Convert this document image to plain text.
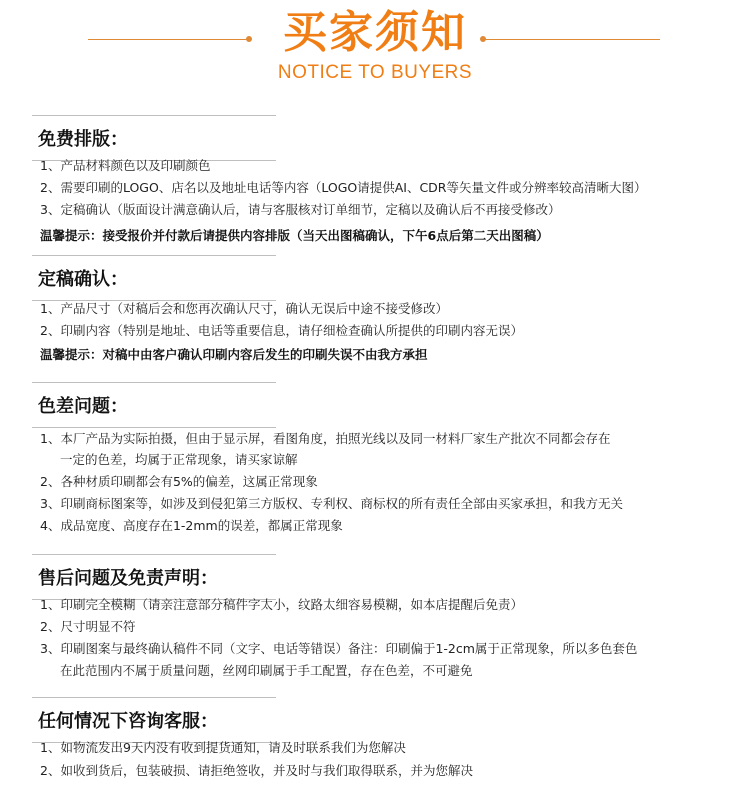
买家须知
NOTICE TO BUYERS
免费排版：
1、产品材料颜色以及印刷颜色
2、需要印刷的LOGO、店名以及地址电话等内容（LOGO请提供AI、CDR等矢量文件或分辨率较高清晰大图）
3、定稿确认（版面设计满意确认后，请与客服核对订单细节，定稿以及确认后不再接受修改）
温馨提示：接受报价并付款后请提供内容排版（当天出图稿确认，下午6点后第二天出图稿）
定稿确认：
1、产品尺寸（对稿后会和您再次确认尺寸，确认无误后中途不接受修改）
2、印刷内容（特别是地址、电话等重要信息，请仔细检查确认所提供的印刷内容无误）
温馨提示：对稿中由客户确认印刷内容后发生的印刷失误不由我方承担
色差问题：
1、本厂产品为实际拍摄，但由于显示屏，看图角度，拍照光线以及同一材料厂家生产批次不同都会存在
一定的色差，均属于正常现象，请买家谅解
2、各种材质印刷都会有5%的偏差，这属正常现象
3、印刷商标图案等，如涉及到侵犯第三方版权、专利权、商标权的所有责任全部由买家承担，和我方无关
4、成品宽度、高度存在1-2mm的误差，都属正常现象
售后问题及免责声明：
1、印刷完全模糊（请亲注意部分稿件字太小，纹路太细容易模糊，如本店提醒后免责）
2、尺寸明显不符
3、印刷图案与最终确认稿件不同（文字、电话等错误）备注：印刷偏于1-2cm属于正常现象，所以多色套色
在此范围内不属于质量问题，丝网印刷属于手工配置，存在色差，不可避免
任何情况下咨询客服：
1、如物流发出9天内没有收到提货通知，请及时联系我们为您解决
2、如收到货后，包装破损、请拒绝签收，并及时与我们取得联系，并为您解决
